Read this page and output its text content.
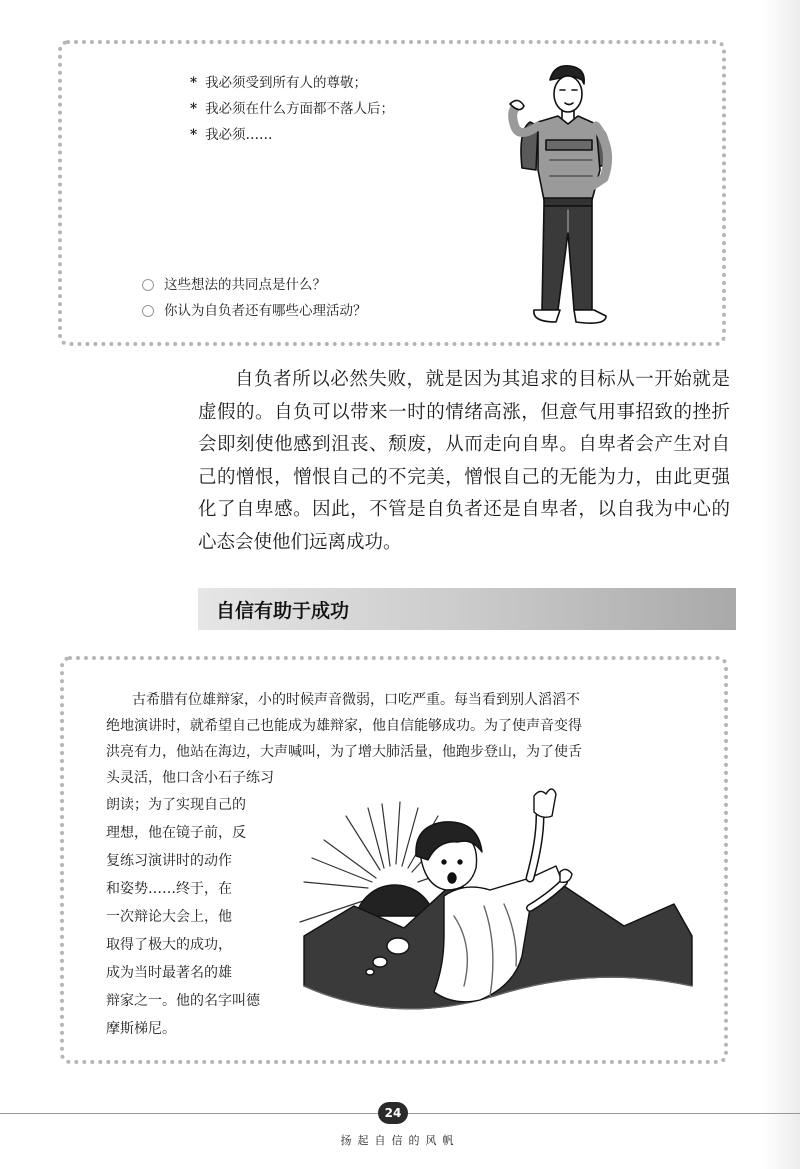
* 我必须受到所有人的尊敬；
* 我必须在什么方面都不落人后；
* 我必须……
这些想法的共同点是什么？
你认为自负者还有哪些心理活动？

自负者所以必然失败，就是因为其追求的目标从一开始就是虚假的。自负可以带来一时的情绪高涨，但意气用事招致的挫折会即刻使他感到沮丧、颓废，从而走向自卑。自卑者会产生对自己的憎恨，憎恨自己的不完美，憎恨自己的无能为力，由此更强化了自卑感。因此，不管是自负者还是自卑者，以自我为中心的心态会使他们远离成功。

自信有助于成功
古希腊有位雄辩家，小的时候声音微弱，口吃严重。每当看到别人滔滔不
绝地演讲时，就希望自己也能成为雄辩家，他自信能够成功。为了使声音变得
洪亮有力，他站在海边，大声喊叫，为了增大肺活量，他跑步登山，为了使舌
头灵活，他口含小石子练习
朗读；为了实现自己的
理想，他在镜子前，反
复练习演讲时的动作
和姿势……终于，在
一次辩论大会上，他
取得了极大的成功，
成为当时最著名的雄
辩家之一。他的名字叫德
摩斯梯尼。
24
扬起自信的风帆
